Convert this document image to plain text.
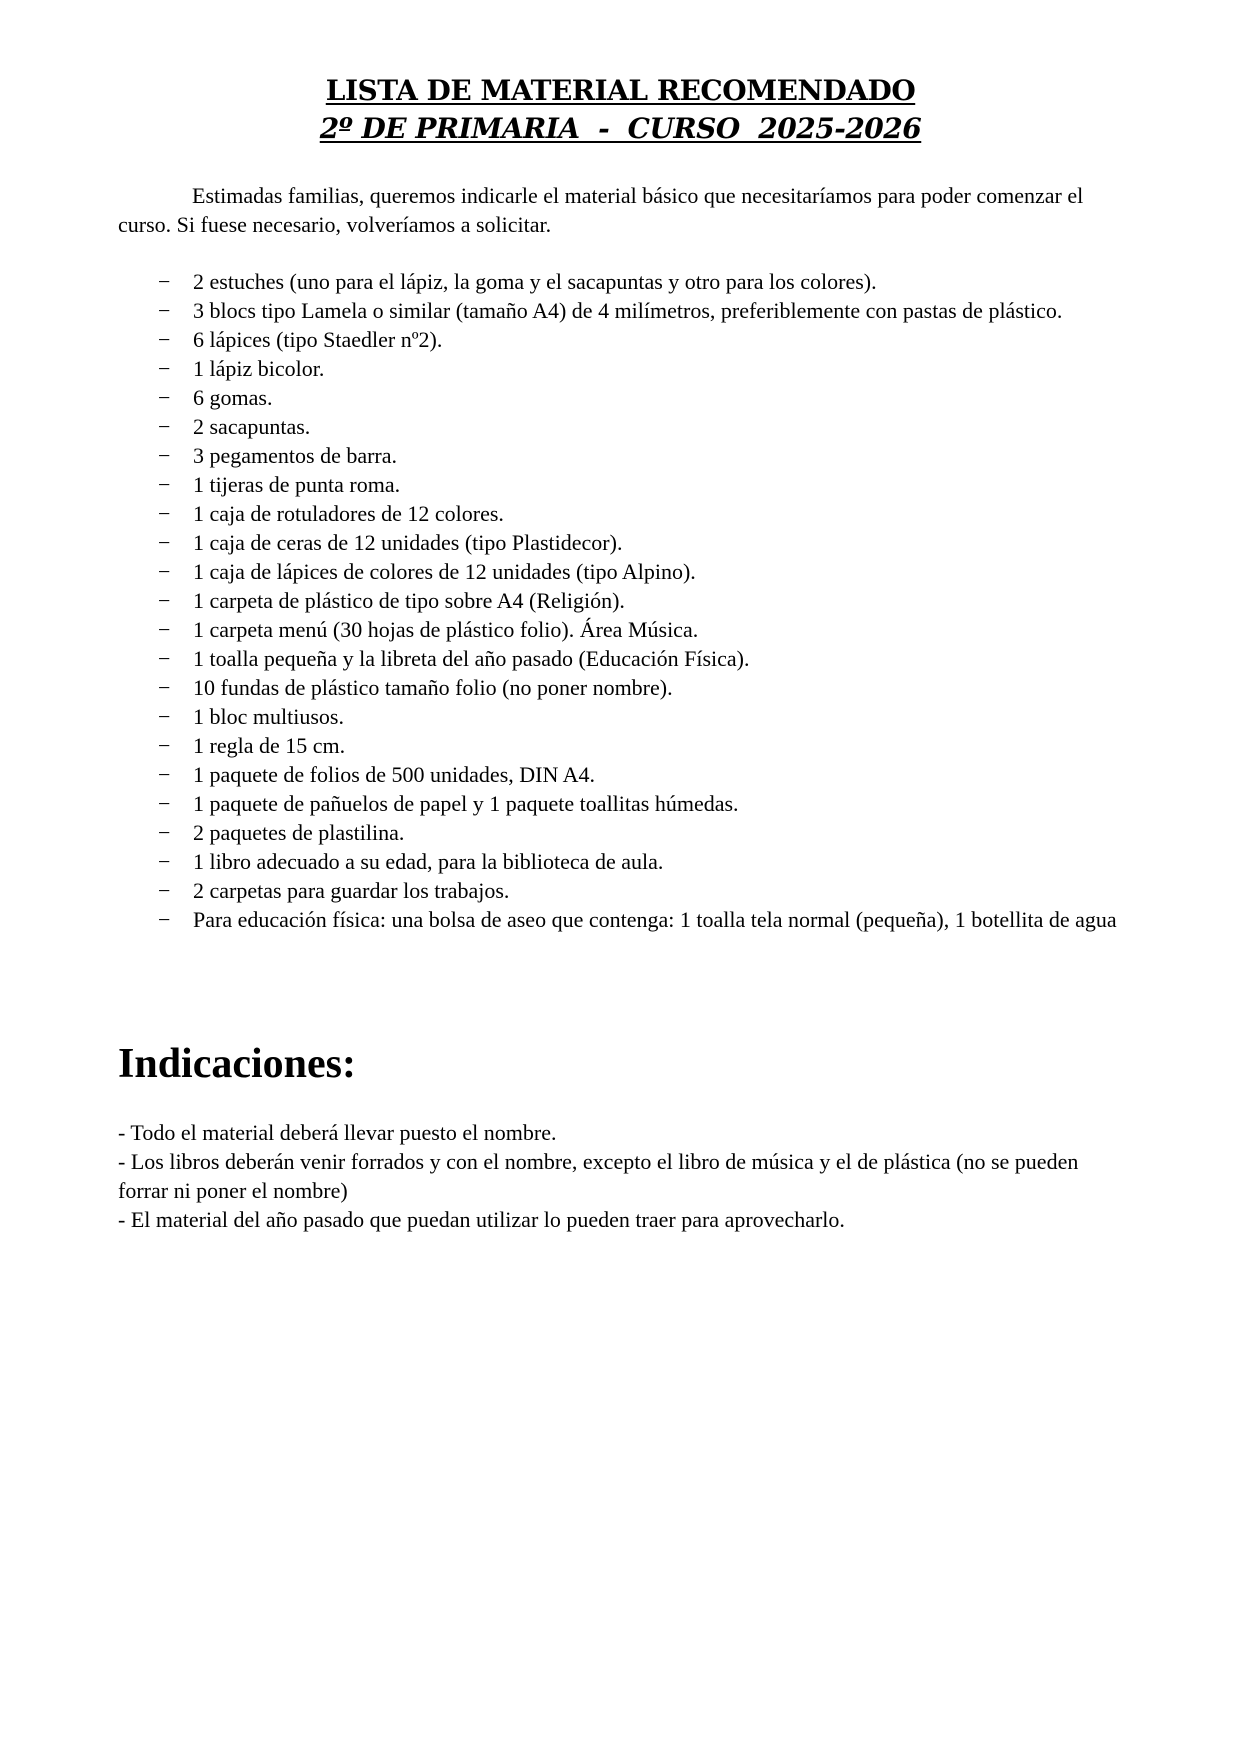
LISTA DE MATERIAL RECOMENDADO
2º DE PRIMARIA  -  CURSO  2025-2026

Estimadas familias, queremos indicarle el material básico que necesitaríamos para poder comenzar el curso. Si fuese necesario, volveríamos a solicitar.

− 2 estuches (uno para el lápiz, la goma y el sacapuntas y otro para los colores).
− 3 blocs tipo Lamela o similar (tamaño A4) de 4 milímetros, preferiblemente con pastas de plástico.
− 6 lápices (tipo Staedler nº2).
− 1 lápiz bicolor.
− 6 gomas.
− 2 sacapuntas.
− 3 pegamentos de barra.
− 1 tijeras de punta roma.
− 1 caja de rotuladores de 12 colores.
− 1 caja de ceras de 12 unidades (tipo Plastidecor).
− 1 caja de lápices de colores de 12 unidades (tipo Alpino).
− 1 carpeta de plástico de tipo sobre A4 (Religión).
− 1 carpeta menú (30 hojas de plástico folio). Área Música.
− 1 toalla pequeña y la libreta del año pasado (Educación Física).
− 10 fundas de plástico tamaño folio (no poner nombre).
− 1 bloc multiusos.
− 1 regla de 15 cm.
− 1 paquete de folios de 500 unidades, DIN A4.
− 1 paquete de pañuelos de papel y 1 paquete toallitas húmedas.
− 2 paquetes de plastilina.
− 1 libro adecuado a su edad, para la biblioteca de aula.
− 2 carpetas para guardar los trabajos.
− Para educación física: una bolsa de aseo que contenga: 1 toalla tela normal (pequeña), 1 botellita de agua
Indicaciones:

- Todo el material deberá llevar puesto el nombre.

- Los libros deberán venir forrados y con el nombre, excepto el libro de música y el de plástica (no se pueden forrar ni poner el nombre)

- El material del año pasado que puedan utilizar lo pueden traer para aprovecharlo.
